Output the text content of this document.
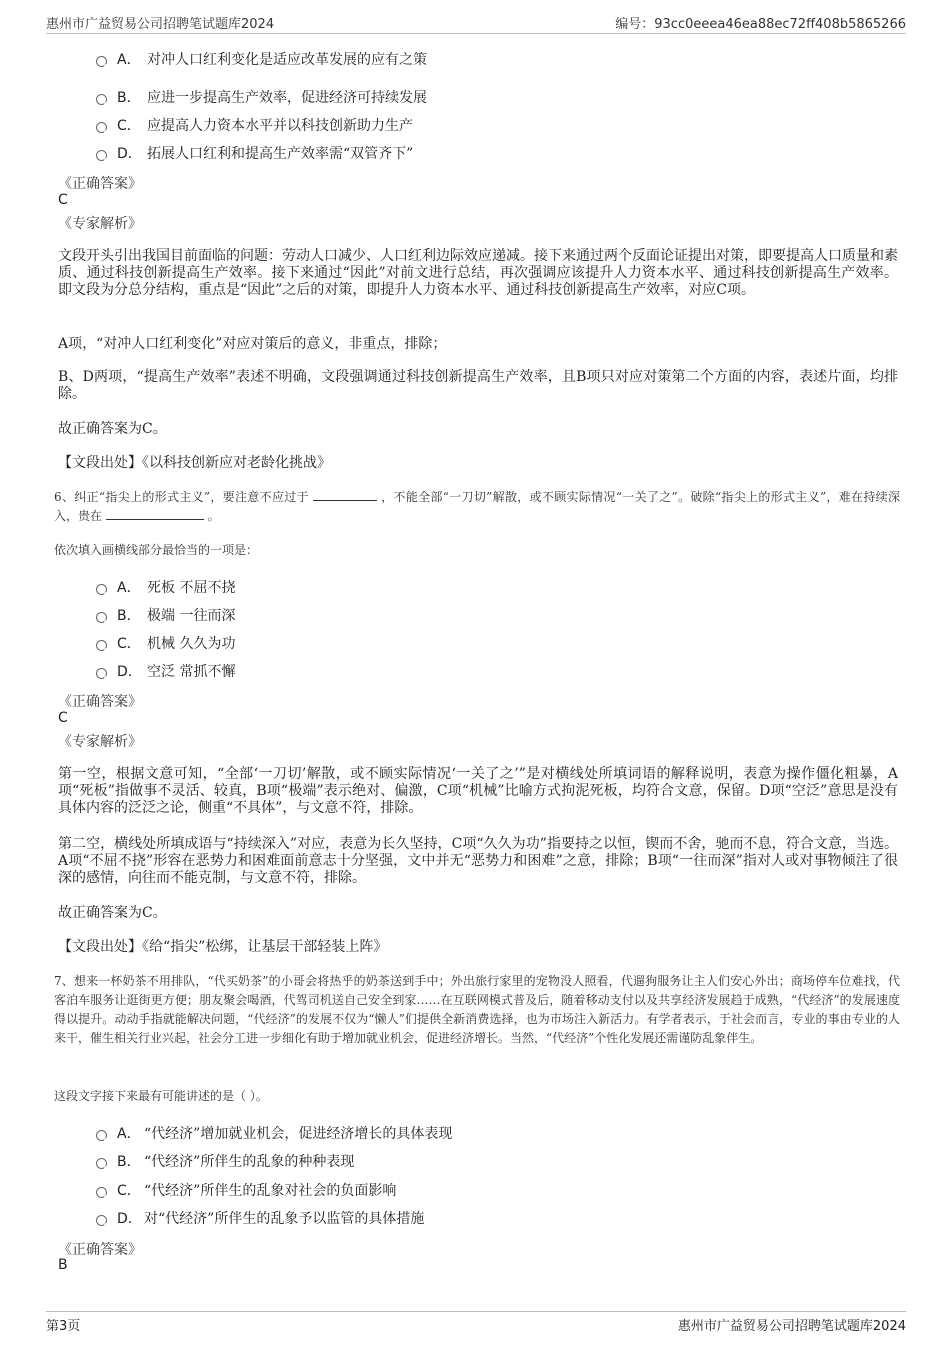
惠州市广益贸易公司招聘笔试题库2024	编号：93cc0eeea46ea88ec72ff408b5865266
A． 对冲人口红利变化是适应改革发展的应有之策
B． 应进一步提高生产效率，促进经济可持续发展
C． 应提高人力资本水平并以科技创新助力生产
D． 拓展人口红利和提高生产效率需“双管齐下”
《正确答案》
C
《专家解析》
文段开头引出我国目前面临的问题：劳动人口减少、人口红利边际效应递减。接下来通过两个反面论证提出对策，即要提高人口质量和素质、通过科技创新提高生产效率。接下来通过“因此”对前文进行总结，再次强调应该提升人力资本水平、通过科技创新提高生产效率。即文段为分总分结构，重点是“因此”之后的对策，即提升人力资本水平、通过科技创新提高生产效率，对应C项。
A项，“对冲人口红利变化”对应对策后的意义，非重点，排除；
B、D两项，“提高生产效率”表述不明确，文段强调通过科技创新提高生产效率，且B项只对应对策第二个方面的内容，表述片面，均排除。
故正确答案为C。
【文段出处】《以科技创新应对老龄化挑战》
6、纠正“指尖上的形式主义”，要注意不应过于	，不能全部“一刀切”解散，或不顾实际情况“一关了之”。破除“指尖上的形式主义”，难在持续深入，贵在	。
依次填入画横线部分最恰当的一项是：
A． 死板 不屈不挠
B． 极端 一往而深
C． 机械 久久为功
D． 空泛 常抓不懈
《正确答案》
C
《专家解析》
第一空，根据文意可知，“全部‘一刀切’解散，或不顾实际情况‘一关了之’”是对横线处所填词语的解释说明，表意为操作僵化粗暴，A项“死板”指做事不灵活、较真，B项“极端”表示绝对、偏激，C项“机械”比喻方式拘泥死板，均符合文意，保留。D项“空泛”意思是没有具体内容的泛泛之论，侧重“不具体”，与文意不符，排除。
第二空，横线处所填成语与“持续深入”对应，表意为长久坚持，C项“久久为功”指要持之以恒，锲而不舍，驰而不息，符合文意，当选。A项“不屈不挠”形容在恶势力和困难面前意志十分坚强，文中并无“恶势力和困难”之意，排除；B项“一往而深”指对人或对事物倾注了很深的感情，向往而不能克制，与文意不符，排除。
故正确答案为C。
【文段出处】《给“指尖”松绑，让基层干部轻装上阵》
7、想来一杯奶茶不用排队，“代买奶茶”的小哥会将热乎的奶茶送到手中；外出旅行家里的宠物没人照看，代遛狗服务让主人们安心外出；商场停车位难找，代客泊车服务让逛街更方便；朋友聚会喝酒，代驾司机送自己安全到家……在互联网模式普及后，随着移动支付以及共享经济发展趋于成熟，“代经济”的发展速度得以提升。动动手指就能解决问题，“代经济”的发展不仅为“懒人”们提供全新消费选择，也为市场注入新活力。有学者表示，于社会而言，专业的事由专业的人来干，催生相关行业兴起，社会分工进一步细化有助于增加就业机会，促进经济增长。当然，“代经济”个性化发展还需谨防乱象伴生。
这段文字接下来最有可能讲述的是（ ）。
A． “代经济”增加就业机会，促进经济增长的具体表现
B． “代经济”所伴生的乱象的种种表现
C． “代经济”所伴生的乱象对社会的负面影响
D． 对“代经济”所伴生的乱象予以监管的具体措施
《正确答案》
B
第3页	惠州市广益贸易公司招聘笔试题库2024
